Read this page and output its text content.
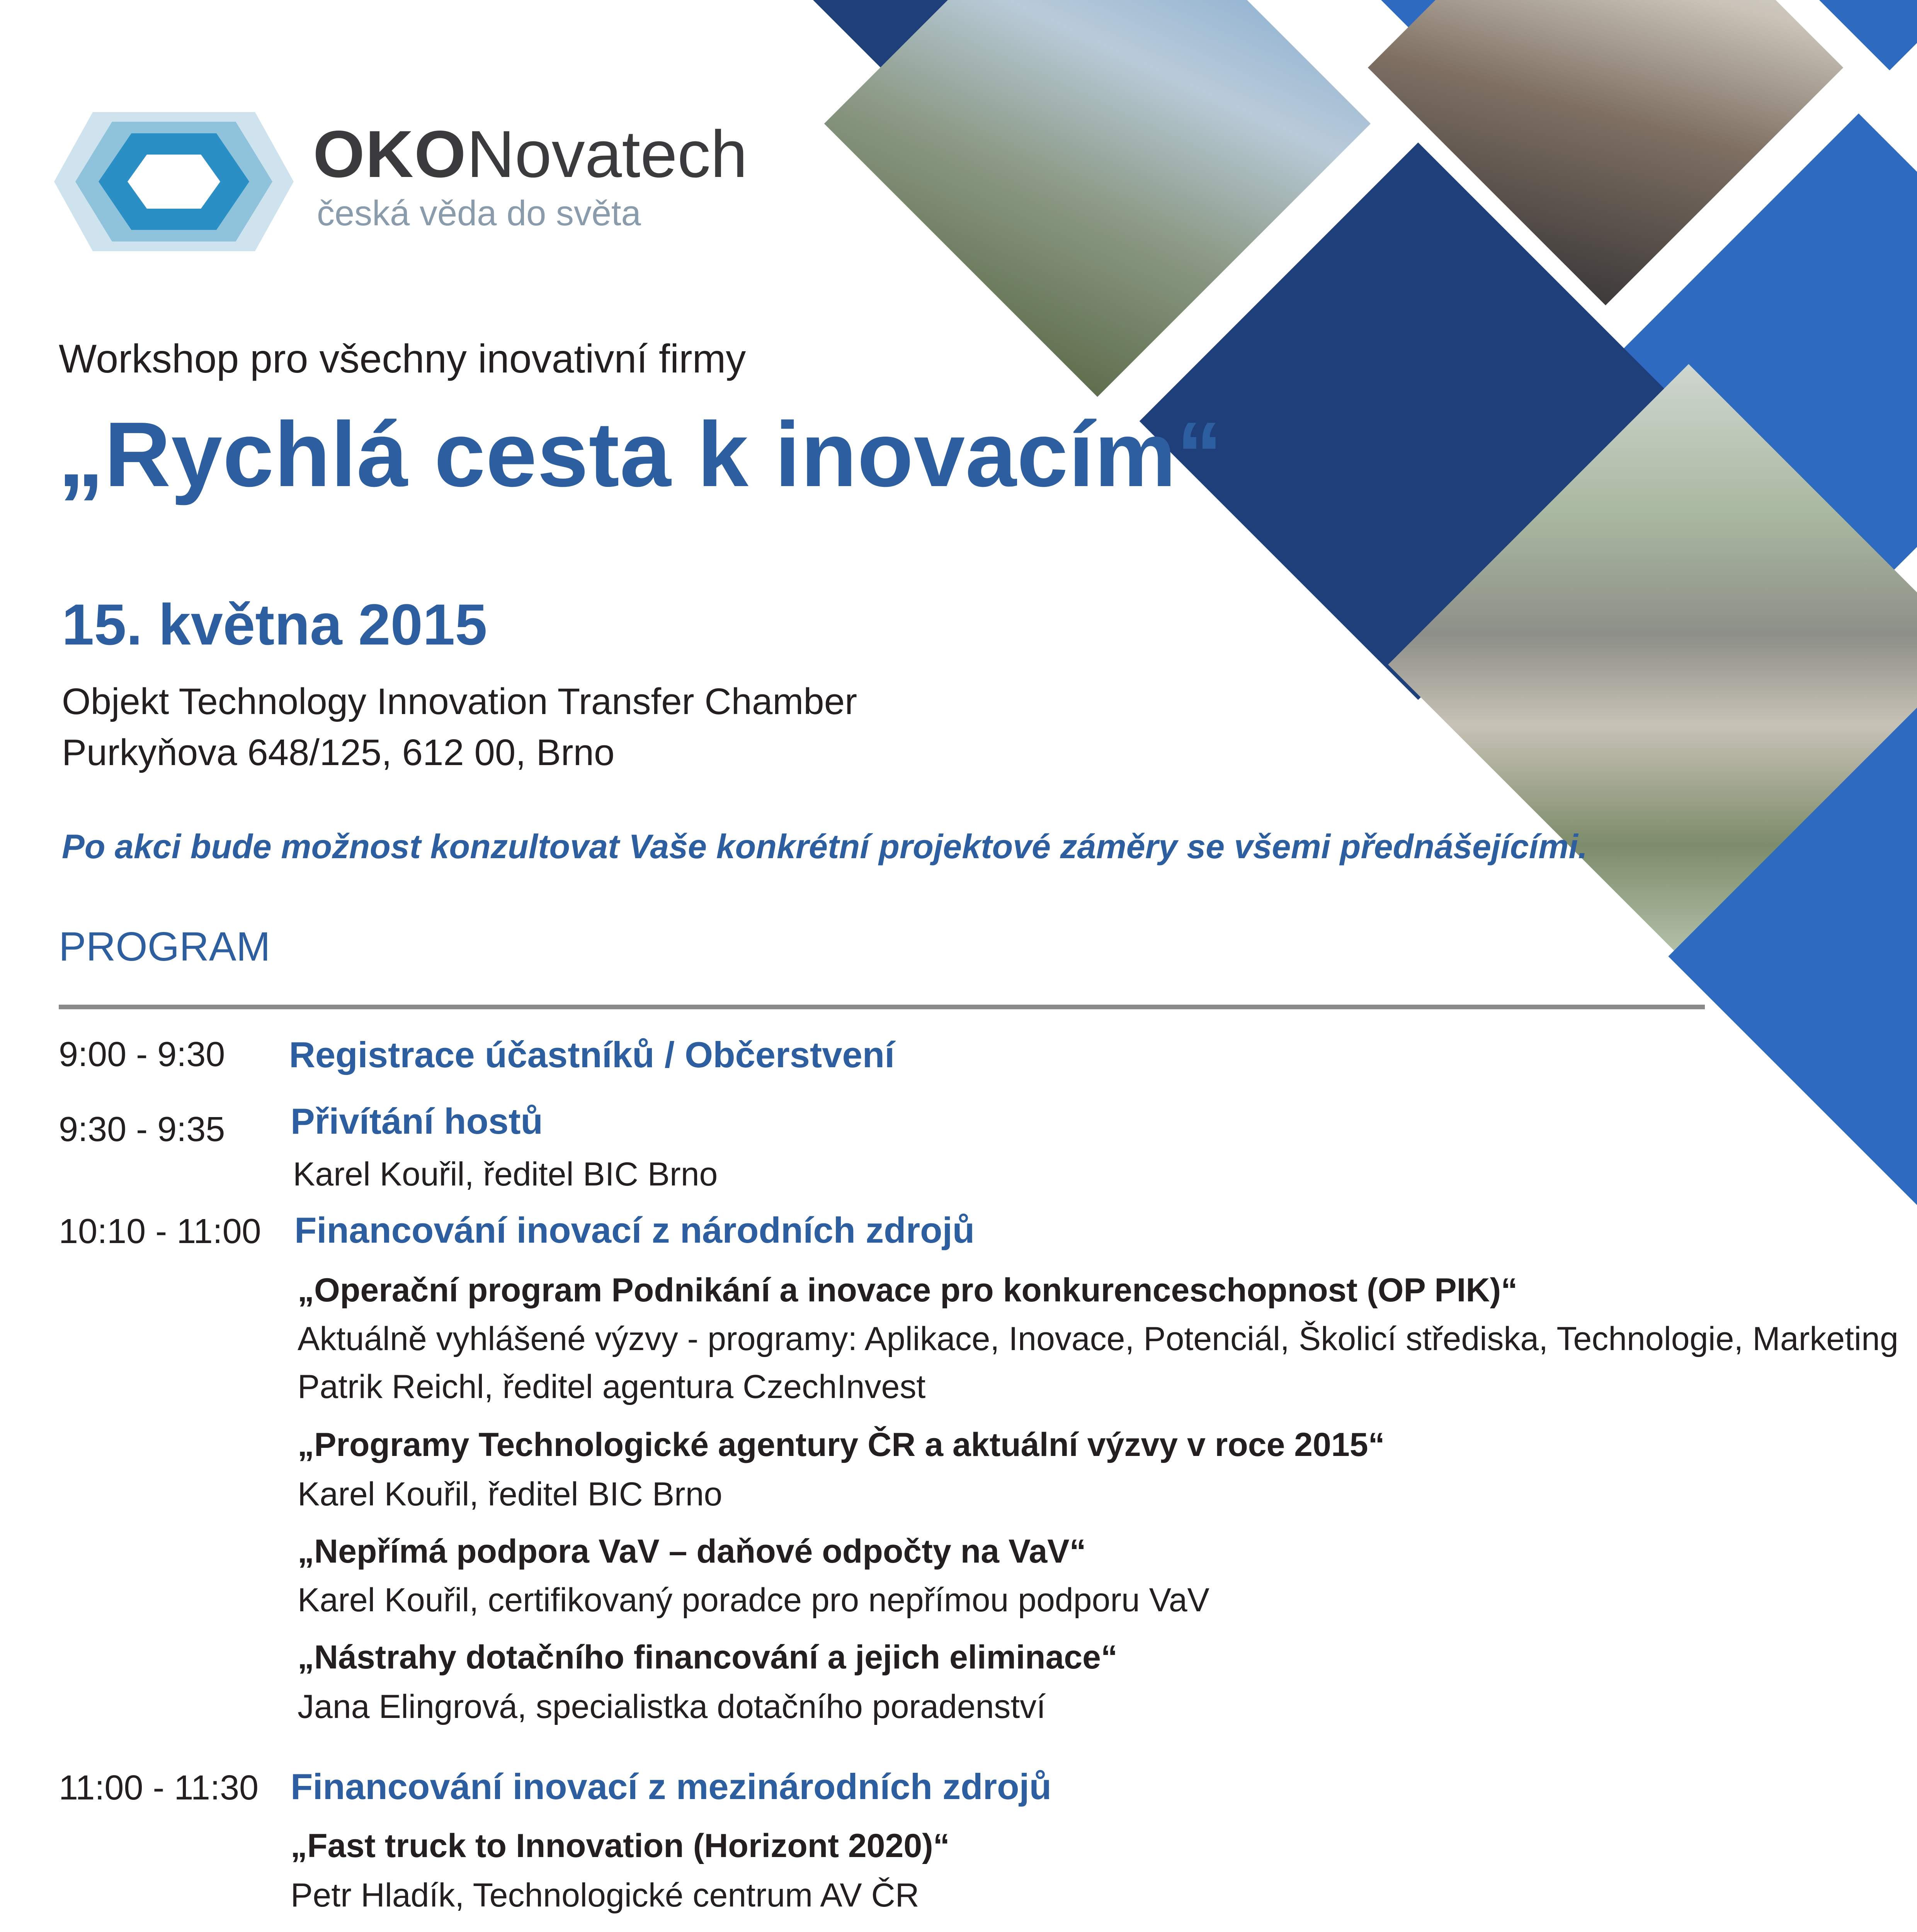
OKONovatech
česká věda do světa
Workshop pro všechny inovativní firmy
„Rychlá cesta k inovacím“
15. května 2015
Objekt Technology Innovation Transfer Chamber
Purkyňova 648/125, 612 00, Brno
Po akci bude možnost konzultovat Vaše konkrétní projektové záměry se všemi přednášejícími.
PROGRAM
9:00 - 9:30 Registrace účastníků / Občerstvení
9:30 - 9:35 Přivítání hostů
Karel Kouřil, ředitel BIC Brno
10:10 - 11:00 Financování inovací z národních zdrojů
„Operační program Podnikání a inovace pro konkurenceschopnost (OP PIK)“
Aktuálně vyhlášené výzvy - programy: Aplikace, Inovace, Potenciál, Školicí střediska, Technologie, Marketing
Patrik Reichl, ředitel agentura CzechInvest
„Programy Technologické agentury ČR a aktuální výzvy v roce 2015“
Karel Kouřil, ředitel BIC Brno
„Nepřímá podpora VaV – daňové odpočty na VaV“
Karel Kouřil, certifikovaný poradce pro nepřímou podporu VaV
„Nástrahy dotačního financování a jejich eliminace“
Jana Elingrová, specialistka dotačního poradenství
11:00 - 11:30 Financování inovací z mezinárodních zdrojů
„Fast truck to Innovation (Horizont 2020)“
Petr Hladík, Technologické centrum AV ČR
